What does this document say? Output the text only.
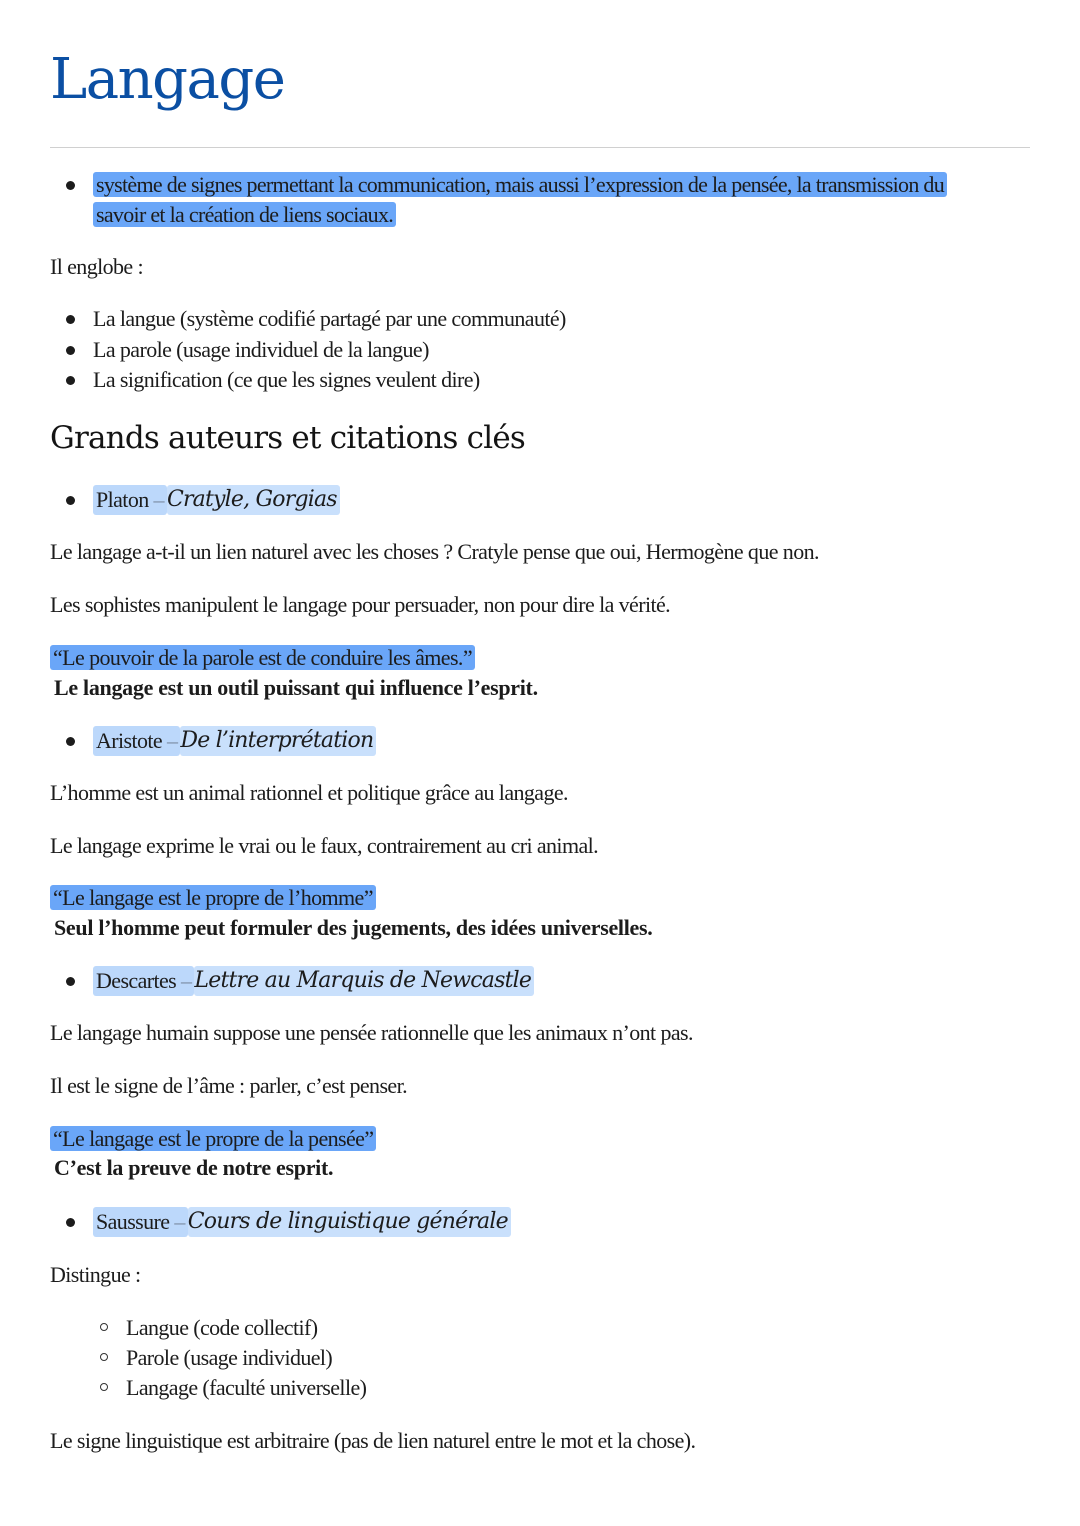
Langage
système de signes permettant la communication, mais aussi l’expression de la pensée, la transmission du savoir et la création de liens sociaux.
Il englobe :
La langue (système codifié partagé par une communauté)
La parole (usage individuel de la langue)
La signification (ce que les signes veulent dire)
Grands auteurs et citations clés
Platon – Cratyle, Gorgias
Le langage a-t-il un lien naturel avec les choses ? Cratyle pense que oui, Hermogène que non.
Les sophistes manipulent le langage pour persuader, non pour dire la vérité.
“Le pouvoir de la parole est de conduire les âmes.”
Le langage est un outil puissant qui influence l’esprit.
Aristote – De l’interprétation
L’homme est un animal rationnel et politique grâce au langage.
Le langage exprime le vrai ou le faux, contrairement au cri animal.
“Le langage est le propre de l’homme”
Seul l’homme peut formuler des jugements, des idées universelles.
Descartes – Lettre au Marquis de Newcastle
Le langage humain suppose une pensée rationnelle que les animaux n’ont pas.
Il est le signe de l’âme : parler, c’est penser.
“Le langage est le propre de la pensée”
C’est la preuve de notre esprit.
Saussure – Cours de linguistique générale
Distingue :
Langue (code collectif)
Parole (usage individuel)
Langage (faculté universelle)
Le signe linguistique est arbitraire (pas de lien naturel entre le mot et la chose).
